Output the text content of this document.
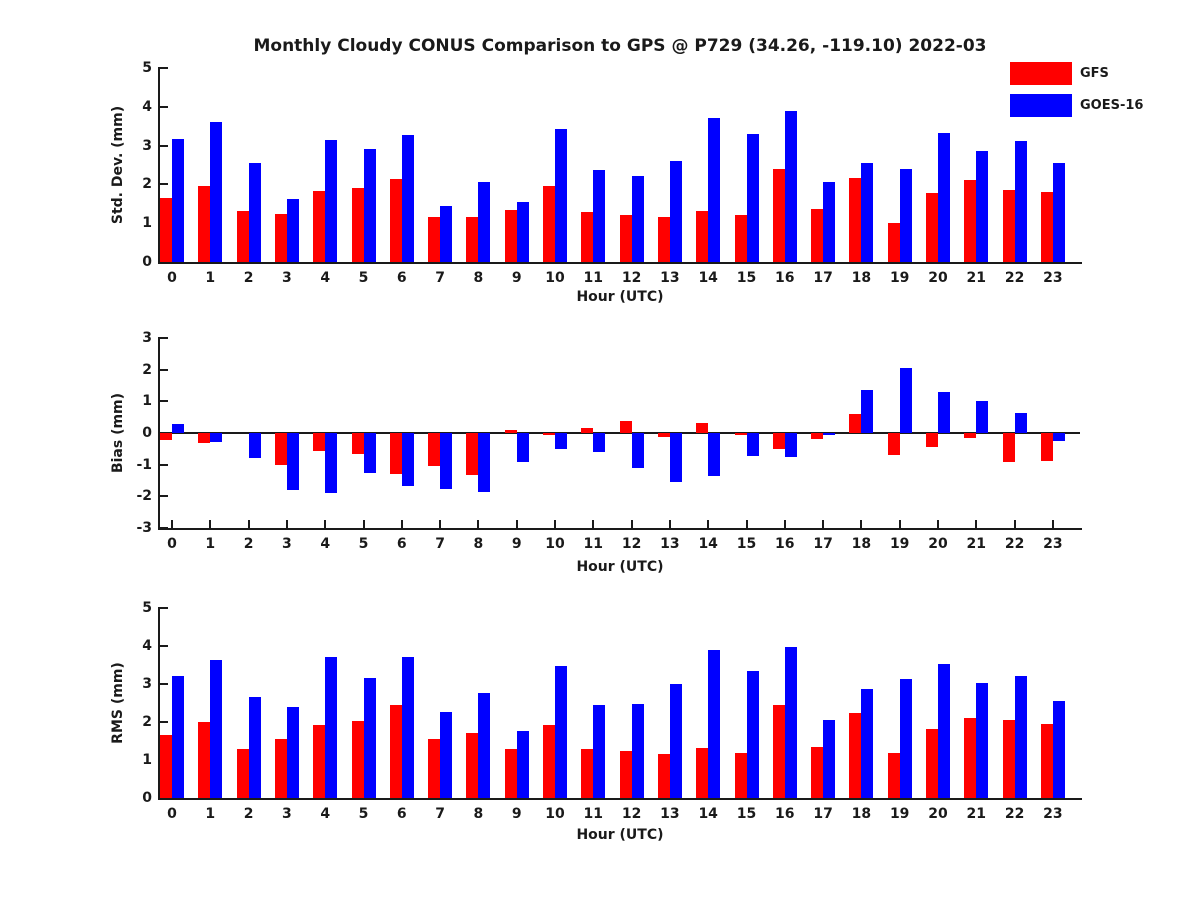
Monthly Cloudy CONUS Comparison to GPS @ P729 (34.26, -119.10) 2022-03
GFS
GOES-16
Std. Dev. (mm)
Bias (mm)
RMS (mm)
Hour (UTC)
Hour (UTC)
Hour (UTC)
0
1
2
3
4
5
0	1	2	3	4	5	6	7	8	9	10	11	12	13	14	15	16	17	18	19	20	21	22	23
3
2
1
0
-1
-2
-3
0	1	2	3	4	5	6	7	8	9	10	11	12	13	14	15	16	17	18	19	20	21	22	23
0
1
2
3
4
5
0	1	2	3	4	5	6	7	8	9	10	11	12	13	14	15	16	17	18	19	20	21	22	23
